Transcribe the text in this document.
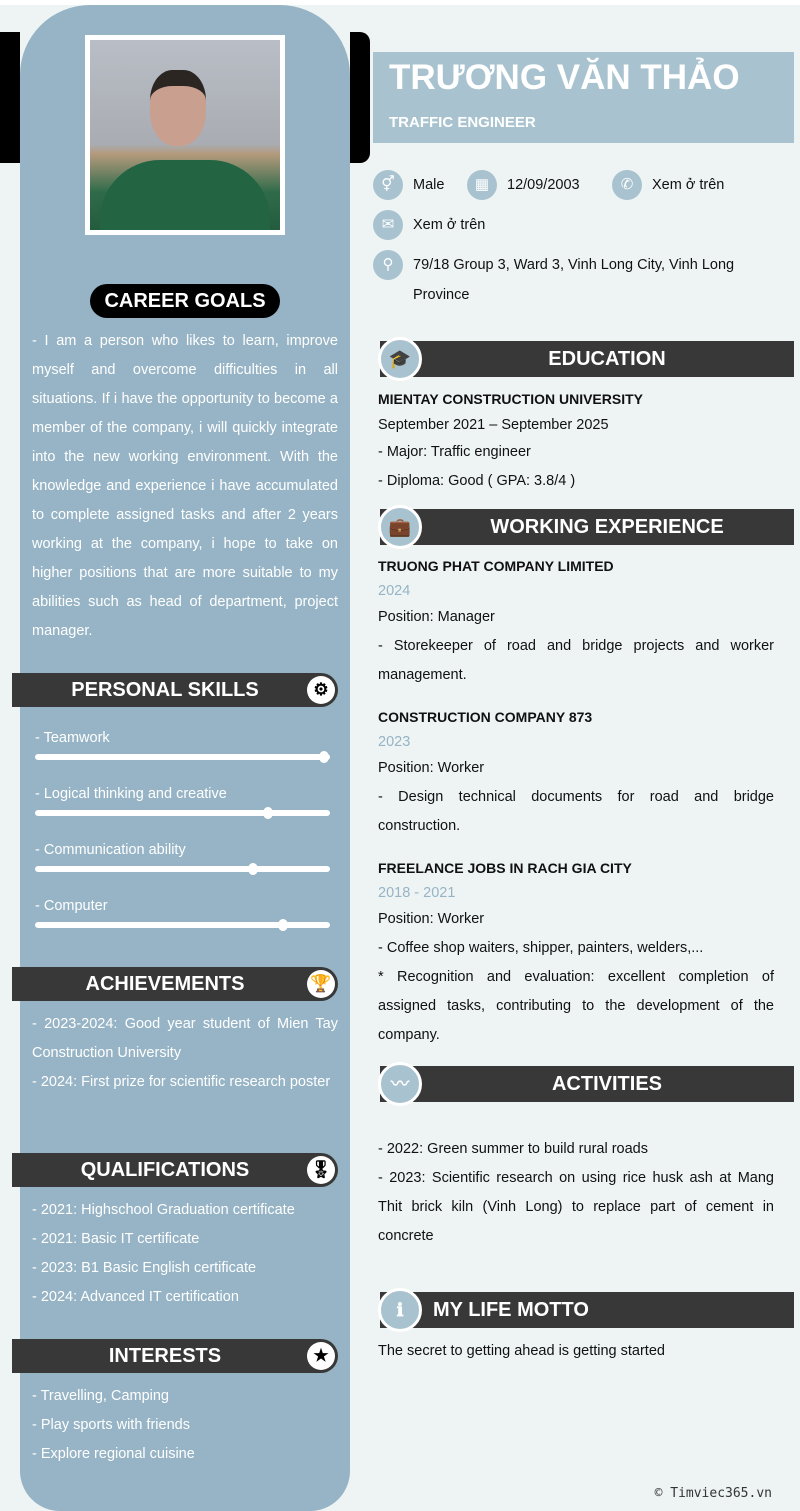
CAREER GOALS
- I am a person who likes to learn, improve myself and overcome difficulties in all situations. If i have the opportunity to become a member of the company, i will quickly integrate into the new working environment. With the knowledge and experience i have accumulated to complete assigned tasks and after 2 years working at the company, i hope to take on higher positions that are more suitable to my abilities such as head of department, project manager.
PERSONAL SKILLS	⚙
- Teamwork
- Logical thinking and creative
- Communication ability
- Computer
ACHIEVEMENTS	🏆
- 2023-2024: Good year student of Mien Tay Construction University
- 2024: First prize for scientific research poster
QUALIFICATIONS	🎖
- 2021: Highschool Graduation certificate
- 2021: Basic IT certificate
- 2023: B1 Basic English certificate
- 2024: Advanced IT certification
INTERESTS	★
- Travelling, Camping
- Play sports with friends
- Explore regional cuisine
TRƯƠNG VĂN THẢO
TRAFFIC ENGINEER
⚥	Male	▦	12/09/2003	✆	Xem ở trên
✉	Xem ở trên
⚲	79/18 Group 3, Ward 3, Vinh Long City, Vinh Long Province
🎓	EDUCATION
MIENTAY CONSTRUCTION UNIVERSITY
September 2021 – September 2025
- Major: Traffic engineer
- Diploma: Good ( GPA: 3.8/4 )
💼	WORKING EXPERIENCE
TRUONG PHAT COMPANY LIMITED
2024
Position: Manager
- Storekeeper of road and bridge projects and worker management.
CONSTRUCTION COMPANY 873
2023
Position: Worker
- Design technical documents for road and bridge construction.
FREELANCE JOBS IN RACH GIA CITY
2018 - 2021
Position: Worker
- Coffee shop waiters, shipper, painters, welders,...
* Recognition and evaluation: excellent completion of assigned tasks, contributing to the development of the company.
〰	ACTIVITIES
- 2022: Green summer to build rural roads
- 2023: Scientific research on using rice husk ash at Mang Thit brick kiln (Vinh Long) to replace part of cement in concrete
ℹ	MY LIFE MOTTO
The secret to getting ahead is getting started
© Timviec365.vn
